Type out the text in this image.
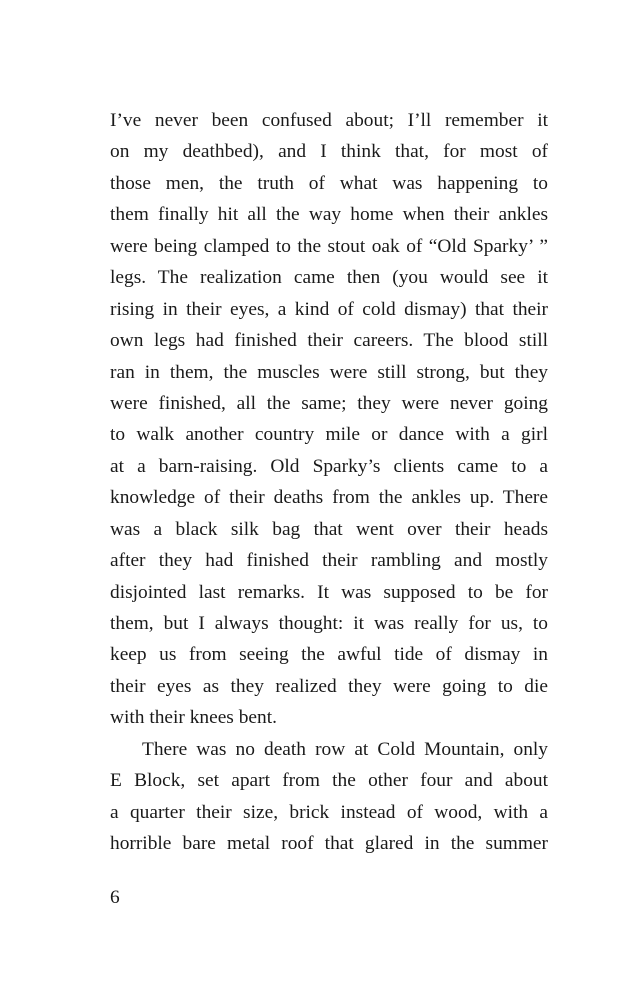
I’ve never been confused about; I’ll remember it
on my deathbed), and I think that, for most of
those men, the truth of what was happening to
them finally hit all the way home when their ankles
were being clamped to the stout oak of “Old Sparky’ ”
legs. The realization came then (you would see it
rising in their eyes, a kind of cold dismay) that their
own legs had finished their careers. The blood still
ran in them, the muscles were still strong, but they
were finished, all the same; they were never going
to walk another country mile or dance with a girl
at a barn-raising. Old Sparky’s clients came to a
knowledge of their deaths from the ankles up. There
was a black silk bag that went over their heads
after they had finished their rambling and mostly
disjointed last remarks. It was supposed to be for
them, but I always thought: it was really for us, to
keep us from seeing the awful tide of dismay in
their eyes as they realized they were going to die
with their knees bent.
There was no death row at Cold Mountain, only
E Block, set apart from the other four and about
a quarter their size, brick instead of wood, with a
horrible bare metal roof that glared in the summer
6
